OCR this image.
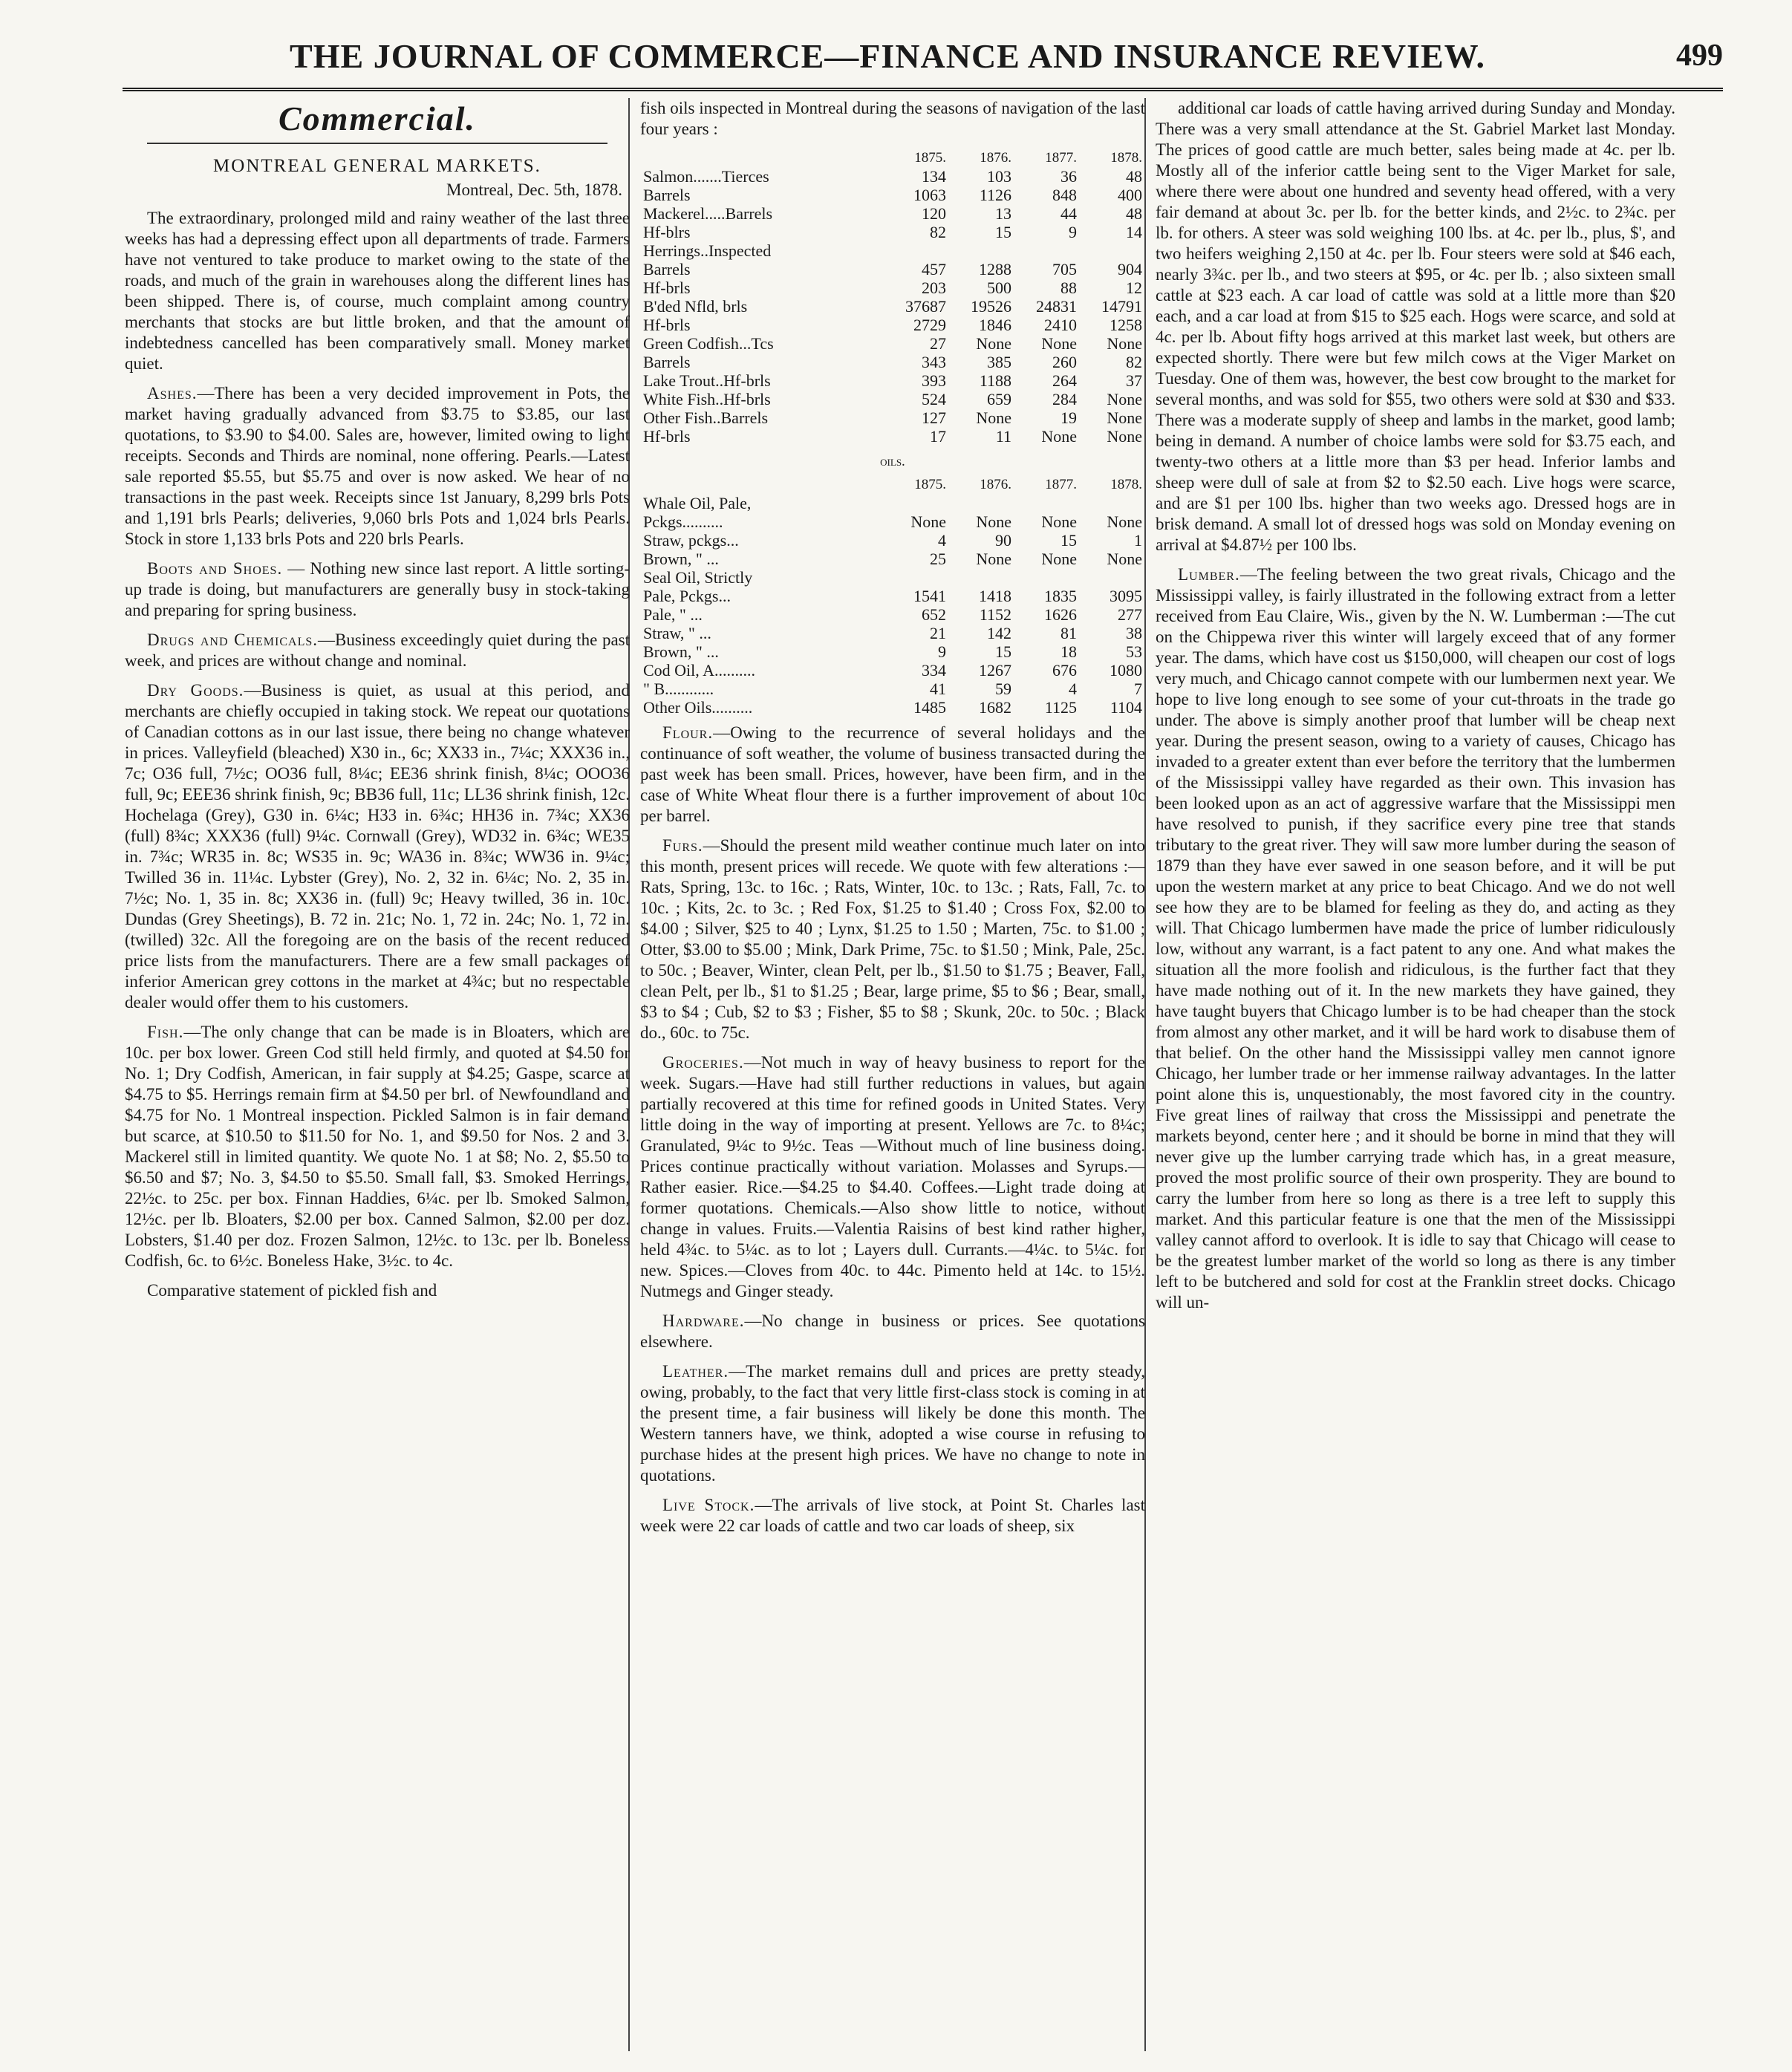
THE JOURNAL OF COMMERCE—FINANCE AND INSURANCE REVIEW.	499
Commercial.
MONTREAL GENERAL MARKETS.
Montreal, Dec. 5th, 1878.

The extraordinary, prolonged mild and rainy weather of the last three weeks has had a depressing effect upon all departments of trade. Farmers have not ventured to take produce to market owing to the state of the roads, and much of the grain in warehouses along the different lines has been shipped. There is, of course, much complaint among country merchants that stocks are but little broken, and that the amount of indebtedness cancelled has been comparatively small. Money market quiet.

Ashes.—There has been a very decided improvement in Pots, the market having gradually advanced from $3.75 to $3.85, our last quotations, to $3.90 to $4.00. Sales are, however, limited owing to light receipts. Seconds and Thirds are nominal, none offering. Pearls.—Latest sale reported $5.55, but $5.75 and over is now asked. We hear of no transactions in the past week. Receipts since 1st January, 8,299 brls Pots and 1,191 brls Pearls; deliveries, 9,060 brls Pots and 1,024 brls Pearls. Stock in store 1,133 brls Pots and 220 brls Pearls.

Boots and Shoes. — Nothing new since last report. A little sorting-up trade is doing, but manufacturers are generally busy in stock-taking and preparing for spring business.

Drugs and Chemicals.—Business exceedingly quiet during the past week, and prices are without change and nominal.

Dry Goods.—Business is quiet, as usual at this period, and merchants are chiefly occupied in taking stock. We repeat our quotations of Canadian cottons as in our last issue, there being no change whatever in prices. Valleyfield (bleached) X30 in., 6c; XX33 in., 7¼c; XXX36 in., 7c; O36 full, 7½c; OO36 full, 8¼c; EE36 shrink finish, 8¼c; OOO36 full, 9c; EEE36 shrink finish, 9c; BB36 full, 11c; LL36 shrink finish, 12c. Hochelaga (Grey), G30 in. 6¼c; H33 in. 6¾c; HH36 in. 7¾c; XX36 (full) 8¾c; XXX36 (full) 9¼c. Cornwall (Grey), WD32 in. 6¾c; WE35 in. 7¾c; WR35 in. 8c; WS35 in. 9c; WA36 in. 8¾c; WW36 in. 9¼c; Twilled 36 in. 11¼c. Lybster (Grey), No. 2, 32 in. 6¼c; No. 2, 35 in. 7½c; No. 1, 35 in. 8c; XX36 in. (full) 9c; Heavy twilled, 36 in. 10c. Dundas (Grey Sheetings), B. 72 in. 21c; No. 1, 72 in. 24c; No. 1, 72 in. (twilled) 32c. All the foregoing are on the basis of the recent reduced price lists from the manufacturers. There are a few small packages of inferior American grey cottons in the market at 4¾c; but no respectable dealer would offer them to his customers.

Fish.—The only change that can be made is in Bloaters, which are 10c. per box lower. Green Cod still held firmly, and quoted at $4.50 for No. 1; Dry Codfish, American, in fair supply at $4.25; Gaspe, scarce at $4.75 to $5. Herrings remain firm at $4.50 per brl. of Newfoundland and $4.75 for No. 1 Montreal inspection. Pickled Salmon is in fair demand but scarce, at $10.50 to $11.50 for No. 1, and $9.50 for Nos. 2 and 3. Mackerel still in limited quantity. We quote No. 1 at $8; No. 2, $5.50 to $6.50 and $7; No. 3, $4.50 to $5.50. Small fall, $3. Smoked Herrings, 22½c. to 25c. per box. Finnan Haddies, 6¼c. per lb. Smoked Salmon, 12½c. per lb. Bloaters, $2.00 per box. Canned Salmon, $2.00 per doz. Lobsters, $1.40 per doz. Frozen Salmon, 12½c. to 13c. per lb. Boneless Codfish, 6c. to 6½c. Boneless Hake, 3½c. to 4c.

Comparative statement of pickled fish and

fish oils inspected in Montreal during the seasons of navigation of the last four years :

	1875.	1876.	1877.	1878.
Salmon.......Tierces	134	103	36	48
Barrels	1063	1126	848	400
Mackerel.....Barrels	120	13	44	48
Hf-blrs	82	15	9	14
Herrings..Inspected				
Barrels	457	1288	705	904
Hf-brls	203	500	88	12
B'ded Nfld, brls	37687	19526	24831	14791
Hf-brls	2729	1846	2410	1258
Green Codfish...Tcs	27	None	None	None
Barrels	343	385	260	82
Lake Trout..Hf-brls	393	1188	264	37
White Fish..Hf-brls	524	659	284	None
Other Fish..Barrels	127	None	19	None
Hf-brls	17	11	None	None
oils.
	1875.	1876.	1877.	1878.
Whale Oil, Pale,				
Pckgs..........	None	None	None	None
Straw, pckgs...	4	90	15	1
Brown, " ...	25	None	None	None
Seal Oil, Strictly				
Pale, Pckgs...	1541	1418	1835	3095
Pale, " ...	652	1152	1626	277
Straw, " ...	21	142	81	38
Brown, " ...	9	15	18	53
Cod Oil, A..........	334	1267	676	1080
" B............	41	59	4	7
Other Oils..........	1485	1682	1125	1104

Flour.—Owing to the recurrence of several holidays and the continuance of soft weather, the volume of business transacted during the past week has been small. Prices, however, have been firm, and in the case of White Wheat flour there is a further improvement of about 10c per barrel.

Furs.—Should the present mild weather continue much later on into this month, present prices will recede. We quote with few alterations :—Rats, Spring, 13c. to 16c. ; Rats, Winter, 10c. to 13c. ; Rats, Fall, 7c. to 10c. ; Kits, 2c. to 3c. ; Red Fox, $1.25 to $1.40 ; Cross Fox, $2.00 to $4.00 ; Silver, $25 to 40 ; Lynx, $1.25 to 1.50 ; Marten, 75c. to $1.00 ; Otter, $3.00 to $5.00 ; Mink, Dark Prime, 75c. to $1.50 ; Mink, Pale, 25c. to 50c. ; Beaver, Winter, clean Pelt, per lb., $1.50 to $1.75 ; Beaver, Fall, clean Pelt, per lb., $1 to $1.25 ; Bear, large prime, $5 to $6 ; Bear, small, $3 to $4 ; Cub, $2 to $3 ; Fisher, $5 to $8 ; Skunk, 20c. to 50c. ; Black do., 60c. to 75c.

Groceries.—Not much in way of heavy business to report for the week. Sugars.—Have had still further reductions in values, but again partially recovered at this time for refined goods in United States. Very little doing in the way of importing at present. Yellows are 7c. to 8¼c; Granulated, 9¼c to 9½c. Teas —Without much of line business doing. Prices continue practically without variation. Molasses and Syrups.—Rather easier. Rice.—$4.25 to $4.40. Coffees.—Light trade doing at former quotations. Chemicals.—Also show little to notice, without change in values. Fruits.—Valentia Raisins of best kind rather higher, held 4¾c. to 5¼c. as to lot ; Layers dull. Currants.—4¼c. to 5¼c. for new. Spices.—Cloves from 40c. to 44c. Pimento held at 14c. to 15½. Nutmegs and Ginger steady.

Hardware.—No change in business or prices. See quotations elsewhere.

Leather.—The market remains dull and prices are pretty steady, owing, probably, to the fact that very little first-class stock is coming in at the present time, a fair business will likely be done this month. The Western tanners have, we think, adopted a wise course in refusing to purchase hides at the present high prices. We have no change to note in quotations.

Live Stock.—The arrivals of live stock, at Point St. Charles last week were 22 car loads of cattle and two car loads of sheep, six

additional car loads of cattle having arrived during Sunday and Monday. There was a very small attendance at the St. Gabriel Market last Monday. The prices of good cattle are much better, sales being made at 4c. per lb. Mostly all of the inferior cattle being sent to the Viger Market for sale, where there were about one hundred and seventy head offered, with a very fair demand at about 3c. per lb. for the better kinds, and 2½c. to 2¾c. per lb. for others. A steer was sold weighing 100 lbs. at 4c. per lb., plus, $', and two heifers weighing 2,150 at 4c. per lb. Four steers were sold at $46 each, nearly 3¾c. per lb., and two steers at $95, or 4c. per lb. ; also sixteen small cattle at $23 each. A car load of cattle was sold at a little more than $20 each, and a car load at from $15 to $25 each. Hogs were scarce, and sold at 4c. per lb. About fifty hogs arrived at this market last week, but others are expected shortly. There were but few milch cows at the Viger Market on Tuesday. One of them was, however, the best cow brought to the market for several months, and was sold for $55, two others were sold at $30 and $33. There was a moderate supply of sheep and lambs in the market, good lamb; being in demand. A number of choice lambs were sold for $3.75 each, and twenty-two others at a little more than $3 per head. Inferior lambs and sheep were dull of sale at from $2 to $2.50 each. Live hogs were scarce, and are $1 per 100 lbs. higher than two weeks ago. Dressed hogs are in brisk demand. A small lot of dressed hogs was sold on Monday evening on arrival at $4.87½ per 100 lbs.

Lumber.—The feeling between the two great rivals, Chicago and the Mississippi valley, is fairly illustrated in the following extract from a letter received from Eau Claire, Wis., given by the N. W. Lumberman :—The cut on the Chippewa river this winter will largely exceed that of any former year. The dams, which have cost us $150,000, will cheapen our cost of logs very much, and Chicago cannot compete with our lumbermen next year. We hope to live long enough to see some of your cut-throats in the trade go under. The above is simply another proof that lumber will be cheap next year. During the present season, owing to a variety of causes, Chicago has invaded to a greater extent than ever before the territory that the lumbermen of the Mississippi valley have regarded as their own. This invasion has been looked upon as an act of aggressive warfare that the Mississippi men have resolved to punish, if they sacrifice every pine tree that stands tributary to the great river. They will saw more lumber during the season of 1879 than they have ever sawed in one season before, and it will be put upon the western market at any price to beat Chicago. And we do not well see how they are to be blamed for feeling as they do, and acting as they will. That Chicago lumbermen have made the price of lumber ridiculously low, without any warrant, is a fact patent to any one. And what makes the situation all the more foolish and ridiculous, is the further fact that they have made nothing out of it. In the new markets they have gained, they have taught buyers that Chicago lumber is to be had cheaper than the stock from almost any other market, and it will be hard work to disabuse them of that belief. On the other hand the Mississippi valley men cannot ignore Chicago, her lumber trade or her immense railway advantages. In the latter point alone this is, unquestionably, the most favored city in the country. Five great lines of railway that cross the Mississippi and penetrate the markets beyond, center here ; and it should be borne in mind that they will never give up the lumber carrying trade which has, in a great measure, proved the most prolific source of their own prosperity. They are bound to carry the lumber from here so long as there is a tree left to supply this market. And this particular feature is one that the men of the Mississippi valley cannot afford to overlook. It is idle to say that Chicago will cease to be the greatest lumber market of the world so long as there is any timber left to be butchered and sold for cost at the Franklin street docks. Chicago will un-
